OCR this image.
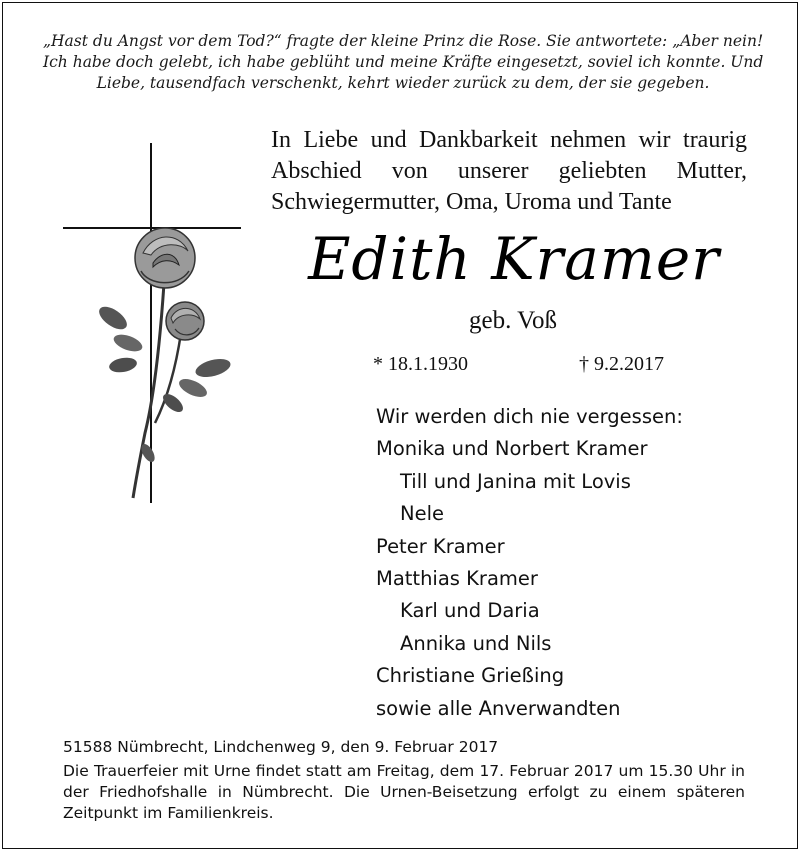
„Hast du Angst vor dem Tod?“ fragte der kleine Prinz die Rose. Sie antwortete: „Aber nein!
Ich habe doch gelebt, ich habe geblüht und meine Kräfte eingesetzt, soviel ich konnte. Und
Liebe, tausendfach verschenkt, kehrt wieder zurück zu dem, der sie gegeben.
In Liebe und Dankbarkeit nehmen wir traurig
Abschied von unserer geliebten Mutter,
Schwiegermutter, Oma, Uroma und Tante
Edith Kramer
geb. Voß
* 18.1.1930	† 9.2.2017
Wir werden dich nie vergessen:
Monika und Norbert Kramer
Till und Janina mit Lovis
Nele
Peter Kramer
Matthias Kramer
Karl und Daria
Annika und Nils
Christiane Grießing
sowie alle Anverwandten
51588 Nümbrecht, Lindchenweg 9, den 9. Februar 2017
Die Trauerfeier mit Urne findet statt am Freitag, dem 17. Februar 2017 um 15.30 Uhr in
der Friedhofshalle in Nümbrecht. Die Urnen-Beisetzung erfolgt zu einem späteren
Zeitpunkt im Familienkreis.
